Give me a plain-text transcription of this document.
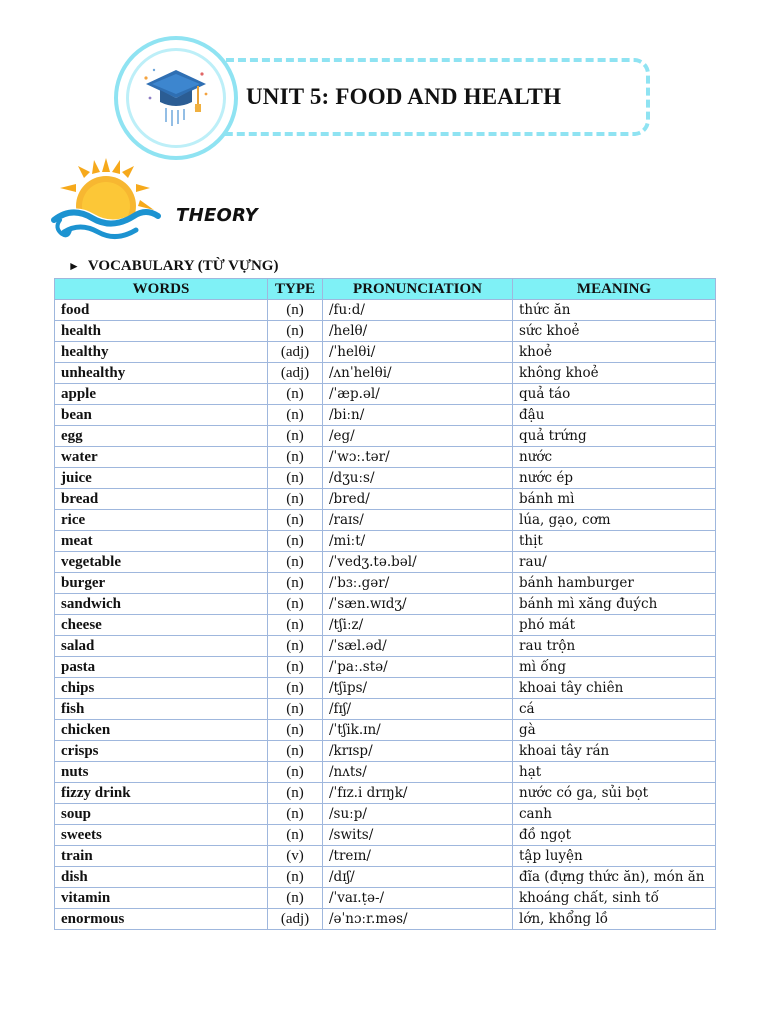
UNIT 5: FOOD AND HEALTH
THEORY
► VOCABULARY (TỪ VỰNG)
WORDS	TYPE	PRONUNCIATION	MEANING
food	(n)	/fuːd/	thức ăn
health	(n)	/helθ/	sức khoẻ
healthy	(adj)	/ˈhelθi/	khoẻ
unhealthy	(adj)	/ʌnˈhelθi/	không khoẻ
apple	(n)	/ˈæp.əl/	quả táo
bean	(n)	/biːn/	đậu
egg	(n)	/eg/	quả trứng
water	(n)	/ˈwɔː.tər/	nước
juice	(n)	/dʒuːs/	nước ép
bread	(n)	/bred/	bánh mì
rice	(n)	/raɪs/	lúa, gạo, cơm
meat	(n)	/miːt/	thịt
vegetable	(n)	/ˈvedʒ.tə.bəl/	rau/
burger	(n)	/ˈbɜː.gər/	bánh hamburger
sandwich	(n)	/ˈsæn.wɪdʒ/	bánh mì xăng đuých
cheese	(n)	/tʃiːz/	phó mát
salad	(n)	/ˈsæl.əd/	rau trộn
pasta	(n)	/ˈpaː.stə/	mì ống
chips	(n)	/tʃips/	khoai tây chiên
fish	(n)	/fɪʃ/	cá
chicken	(n)	/ˈtʃik.ɪn/	gà
crisps	(n)	/krɪsp/	khoai tây rán
nuts	(n)	/nʌts/	hạt
fizzy drink	(n)	/ˈfɪz.i drɪŋk/	nước có ga, sủi bọt
soup	(n)	/suːp/	canh
sweets	(n)	/swits/	đồ ngọt
train	(v)	/treɪn/	tập luyện
dish	(n)	/dɪʃ/	đĩa (đựng thức ăn), món ăn
vitamin	(n)	/ˈvaɪ.ṭə-/	khoáng chất, sinh tố
enormous	(adj)	/əˈnɔːr.məs/	lớn, khổng lồ
